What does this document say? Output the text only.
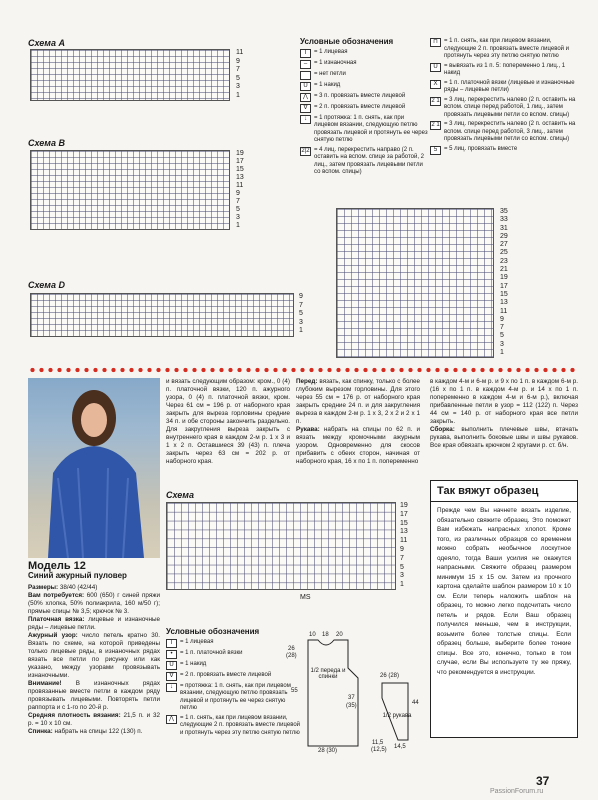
Схема А
11
9
7
5
3
1
Схема В
19
17
15
13
11
9
7
5
3
1
Схема D
9
7
5
3
1
35
33
31
29
27
25
23
21
19
17
15
13
11
9
7
5
3
1
Условные обозначения
I	= 1 лицевая
–	= 1 изнаночная
= нет петли
U	= 1 накид
⋀	= 3 п. провязать вместе лицевой
∇	= 2 п. провязать вместе лицевой
↓	= 1 протяжка: 1 п. снять, как при лицевом вязании, следующую петлю провязать лицевой и протянуть ее через снятую петлю
2|2 = 4 лиц. перекрестить направо (2 п. оставить на вспом. спице за работой, 2 лиц., затем провязать лицевыми петли со вспом. спицы)
⊓	= 1 п. снять, как при лицевом вязании, следующие 2 п. провязать вместе лицевой и протянуть через эту петлю снятую петлю
U	= вывязать из 1 п. 5: попеременно 1 лиц., 1 накид
X	= 1 п. платочной вязки (лицевые и изнаночные ряды – лицевые петли)
2 1 = 3 лиц. перекрестить налево (2 п. оставить на вспом. спице перед работой, 1 лиц., затем провязать лицевыми петли со вспом. спицы)
2 1 = 3 лиц. перекрестить налево (2 п. оставить на вспом. спице перед работой, 3 лиц., затем провязать лицевыми петли со вспом. спицы)
5	= 5 лиц. провязать вместе
Модель 12
Синий ажурный пуловер
Размеры: 38/40 (42/44)
Вам потребуется: 600 (650) г синей пряжи (50% хлопка, 50% полиакрила, 160 м/50 г); прямые спицы № 3,5; крючок № 3.
Платочная вязка: лицевые и изнаночные ряды – лицевые петли.
Ажурный узор: число петель кратно 30. Вязать по схеме, на которой приведены только лицевые ряды, в изнаночных рядах вязать все петли по рисунку или как указано, между узорами провязывать изнаночными.
Внимание! В изнаночных рядах провязанные вместе петли в каждом ряду провязывать лицевыми. Повторять петли раппорта и с 1-го по 20-й р.
Средняя плотность вязания: 21,5 п. и 32 р. = 10 х 10 см.
Спинка: набрать на спицы 122 (130) п.
и вязать следующим образом: кром., 0 (4) п. платочной вязки, 120 п. ажурного узора, 0 (4) п. платочной вязки, кром. Через 61 см = 196 р. от наборного края закрыть для выреза горловины средние 34 п. и обе стороны закончить раздельно. Для закругления выреза закрыть с внутреннего края в каждом 2-м р. 1 х 3 и 1 х 2 п. Оставшиеся 39 (43) п. плеча закрыть через 63 см = 202 р. от наборного края.
Перед: вязать, как спинку, только с более глубоким вырезом горловины. Для этого через 55 см = 176 р. от наборного края закрыть средние 24 п. и для закругления выреза в каждом 2-м р. 1 х 3, 2 х 2 и 2 х 1 п.
Рукава: набрать на спицы по 62 п. и вязать между кромочными ажурным узором. Одновременно для скосов прибавить с обеих сторон, начиная от наборного края, 16 х по 1 п. попеременно
в каждом 4-м и 6-м р. и 9 х по 1 п. в каждом 6-м р. (16 х по 1 п. в каждом 4-м р. и 14 х по 1 п. попеременно в каждом 4-м и 6-м р.), включая прибавленные петли в узор = 112 (122) п. Через 44 см = 140 р. от наборного края все петли закрыть.
Сборка: выполнить плечевые швы, втачать рукава, выполнить боковые швы и швы рукавов. Все края обвязать крючком 2 кругами р. ст. б/н.
Схема
19
17
15
13
11
9
7
5
3
1
MS
Условные обозначения
I	= 1 лицевая
•	= 1 п. платочной вязки
U	= 1 накид
∇	= 2 п. провязать вместе лицевой
↓	= протяжка: 1 п. снять, как при лицевом вязании, следующую петлю провязать лицевой и протянуть ее через снятую петлю
⋀	= 1 п. снять, как при лицевом вязании, следующие 2 п. провязать вместе лицевой и протянуть через эту петлю снятую петлю
10 18 20
26
(28)
55
37
(35)
1/2 переда и спинки
28 (30)
26 (28)
44
1/2 рукава
11,5
(12,5) 14,5
Так вяжут образец
Прежде чем Вы начнете вязать изделие, обязательно свяжите образец. Это поможет Вам избежать напрасных хлопот. Кроме того, из различных образцов со временем можно собрать необычное лоскутное одеяло, тогда Ваши усилия не окажутся напрасными. Свяжите образец размером минимум 15 х 15 см. Затем из прочного картона сделайте шаблон размером 10 х 10 см. Если теперь наложить шаблон на образец, то можно легко подсчитать число петель и рядов. Если Ваш образец получился меньше, чем в инструкции, возьмите более толстые спицы. Если образец больше, выберите более тонкие спицы. Все это, конечно, только в том случае, если Вы используете ту же пряжу, что рекомендуется в инструкции.
37
PassionForum.ru
